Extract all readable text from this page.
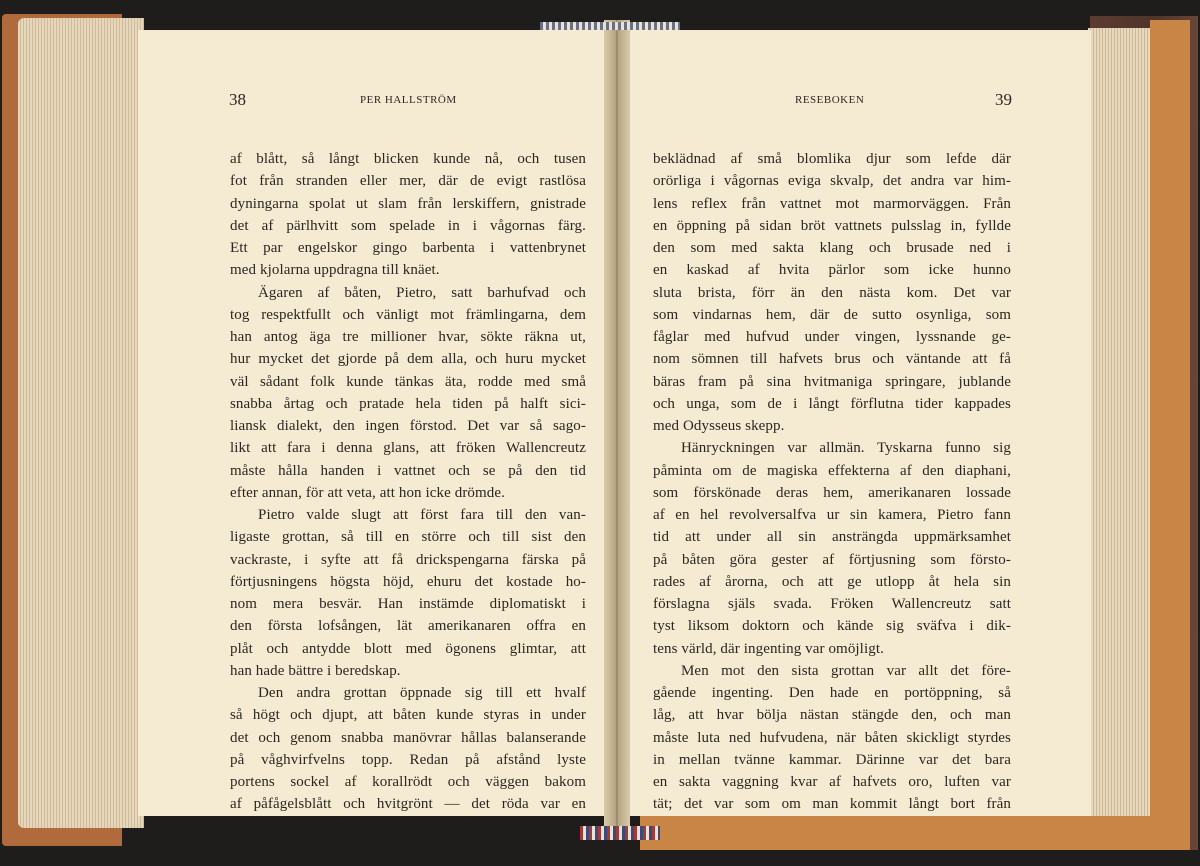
38	PER HALLSTRÖM
af blått, så långt blicken kunde nå, och tusen
fot från stranden eller mer, där de evigt rastlösa
dyningarna spolat ut slam från lerskiffern, gnistrade
det af pärlhvitt som spelade in i vågornas färg.
Ett par engelskor gingo barbenta i vattenbrynet
med kjolarna uppdragna till knäet.
Ägaren af båten, Pietro, satt barhufvad och
tog respektfullt och vänligt mot främlingarna, dem
han antog äga tre millioner hvar, sökte räkna ut,
hur mycket det gjorde på dem alla, och huru mycket
väl sådant folk kunde tänkas äta, rodde med små
snabba årtag och pratade hela tiden på halft sici-
liansk dialekt, den ingen förstod. Det var så sago-
likt att fara i denna glans, att fröken Wallencreutz
måste hålla handen i vattnet och se på den tid
efter annan, för att veta, att hon icke drömde.
Pietro valde slugt att först fara till den van-
ligaste grottan, så till en större och till sist den
vackraste, i syfte att få drickspengarna färska på
förtjusningens högsta höjd, ehuru det kostade ho-
nom mera besvär. Han instämde diplomatiskt i
den första lofsången, lät amerikanaren offra en
plåt och antydde blott med ögonens glimtar, att
han hade bättre i beredskap.
Den andra grottan öppnade sig till ett hvalf
så högt och djupt, att båten kunde styras in under
det och genom snabba manövrar hållas balanserande
på våghvirfvelns topp. Redan på afstånd lyste
portens sockel af korallrödt och väggen bakom
af påfågelsblått och hvitgrönt — det röda var en
RESEBOKEN	39
beklädnad af små blomlika djur som lefde där
orörliga i vågornas eviga skvalp, det andra var him-
lens reflex från vattnet mot marmorväggen. Från
en öppning på sidan bröt vattnets pulsslag in, fyllde
den som med sakta klang och brusade ned i
en kaskad af hvita pärlor som icke hunno
sluta brista, förr än den nästa kom. Det var
som vindarnas hem, där de sutto osynliga, som
fåglar med hufvud under vingen, lyssnande ge-
nom sömnen till hafvets brus och väntande att få
bäras fram på sina hvitmaniga springare, jublande
och unga, som de i långt förflutna tider kappades
med Odysseus skepp.
Hänryckningen var allmän. Tyskarna funno sig
påminta om de magiska effekterna af den diaphani,
som förskönade deras hem, amerikanaren lossade
af en hel revolversalfva ur sin kamera, Pietro fann
tid att under all sin ansträngda uppmärksamhet
på båten göra gester af förtjusning som försto-
rades af årorna, och att ge utlopp åt hela sin
förslagna själs svada. Fröken Wallencreutz satt
tyst liksom doktorn och kände sig sväfva i dik-
tens värld, där ingenting var omöjligt.
Men mot den sista grottan var allt det före-
gående ingenting. Den hade en portöppning, så
låg, att hvar bölja nästan stängde den, och man
måste luta ned hufvudena, när båten skickligt styrdes
in mellan tvänne kammar. Därinne var det bara
en sakta vaggning kvar af hafvets oro, luften var
tät; det var som om man kommit långt bort från
